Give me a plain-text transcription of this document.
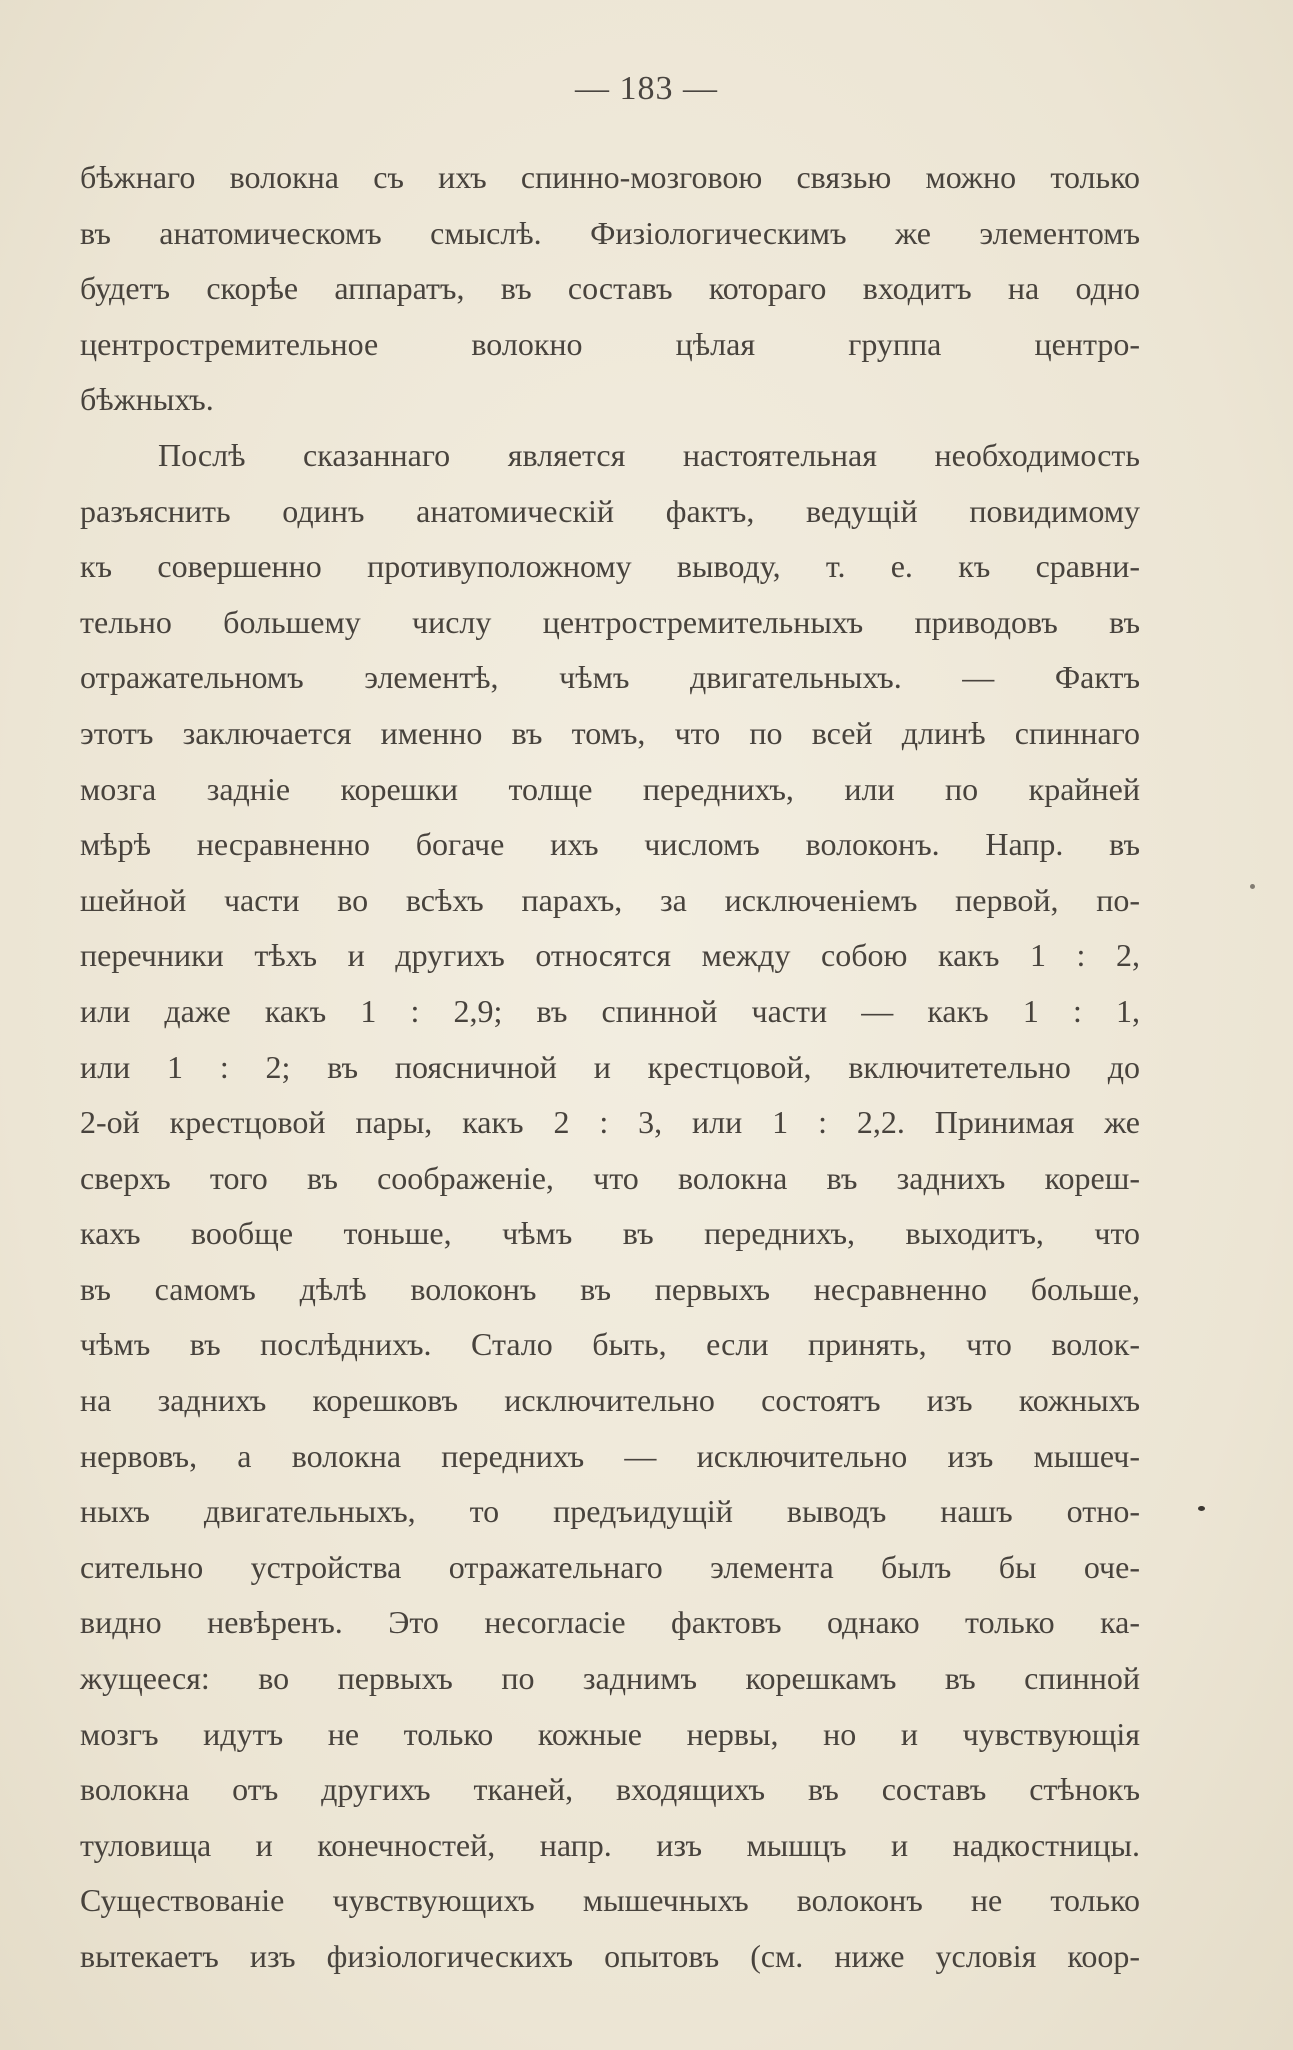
— 183 —
бѣжнаго волокна съ ихъ спинно-мозговою связью можно только
въ анатомическомъ смыслѣ. Физіологическимъ же элементомъ
будетъ скорѣе аппаратъ, въ составъ котораго входитъ на одно
центростремительное волокно цѣлая группа центро-
бѣжныхъ.
Послѣ сказаннаго является настоятельная необходимость
разъяснить одинъ анатомическій фактъ, ведущій повидимому
къ совершенно противуположному выводу, т. е. къ сравни-
тельно большему числу центростремительныхъ приводовъ въ
отражательномъ элементѣ, чѣмъ двигательныхъ. — Фактъ
этотъ заключается именно въ томъ, что по всей длинѣ спиннаго
мозга задніе корешки толще переднихъ, или по крайней
мѣрѣ несравненно богаче ихъ числомъ волоконъ. Напр. въ
шейной части во всѣхъ парахъ, за исключеніемъ первой, по-
перечники тѣхъ и другихъ относятся между собою какъ 1 : 2,
или даже какъ 1 : 2,9; въ спинной части — какъ 1 : 1,
или 1 : 2; въ поясничной и крестцовой, включитетельно до
2-ой крестцовой пары, какъ 2 : 3, или 1 : 2,2. Принимая же
сверхъ того въ соображеніе, что волокна въ заднихъ кореш-
кахъ вообще тоньше, чѣмъ въ переднихъ, выходитъ, что
въ самомъ дѣлѣ волоконъ въ первыхъ несравненно больше,
чѣмъ въ послѣднихъ. Стало быть, если принять, что волок-
на заднихъ корешковъ исключительно состоятъ изъ кожныхъ
нервовъ, а волокна переднихъ — исключительно изъ мышеч-
ныхъ двигательныхъ, то предъидущій выводъ нашъ отно-
сительно устройства отражательнаго элемента былъ бы оче-
видно невѣренъ. Это несогласіе фактовъ однако только ка-
жущееся: во первыхъ по заднимъ корешкамъ въ спинной
мозгъ идутъ не только кожные нервы, но и чувствующія
волокна отъ другихъ тканей, входящихъ въ составъ стѣнокъ
туловища и конечностей, напр. изъ мышцъ и надкостницы.
Существованіе чувствующихъ мышечныхъ волоконъ не только
вытекаетъ изъ физіологическихъ опытовъ (см. ниже условія коор-
